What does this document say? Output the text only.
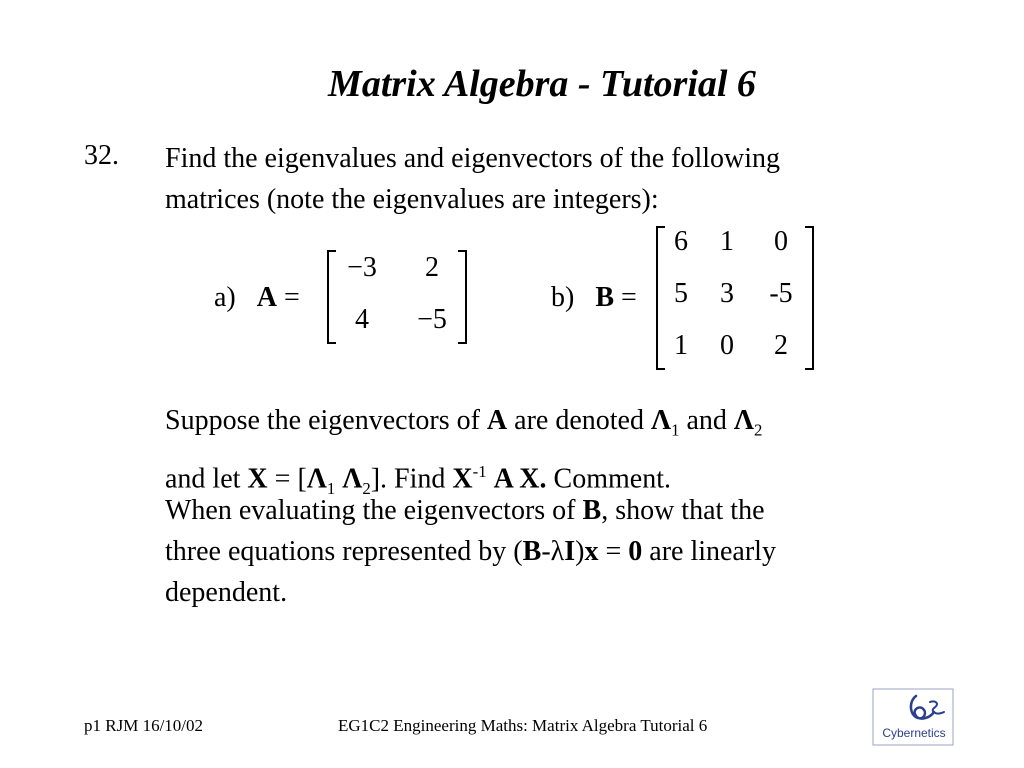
Matrix Algebra - Tutorial 6
32. Find the eigenvalues and eigenvectors of the following
matrices (note the eigenvalues are integers):
a) A =
−3	2
4	−5
b) B =
6	1	0
5	3	-5
1	0	2
Suppose the eigenvectors of A are denoted $\Lambda_1$ and $\Lambda_2$
and let $X = [\Lambda_1$ $\Lambda_2$]. Find $X^{-1}$ A X. Comment.
When evaluating the eigenvectors of B, show that the
three equations represented by (B-λI)x = 0 are linearly
dependent.
p1 RJM 16/10/02	EG1C2 Engineering Maths: Matrix Algebra Tutorial 6	Cybernetics
